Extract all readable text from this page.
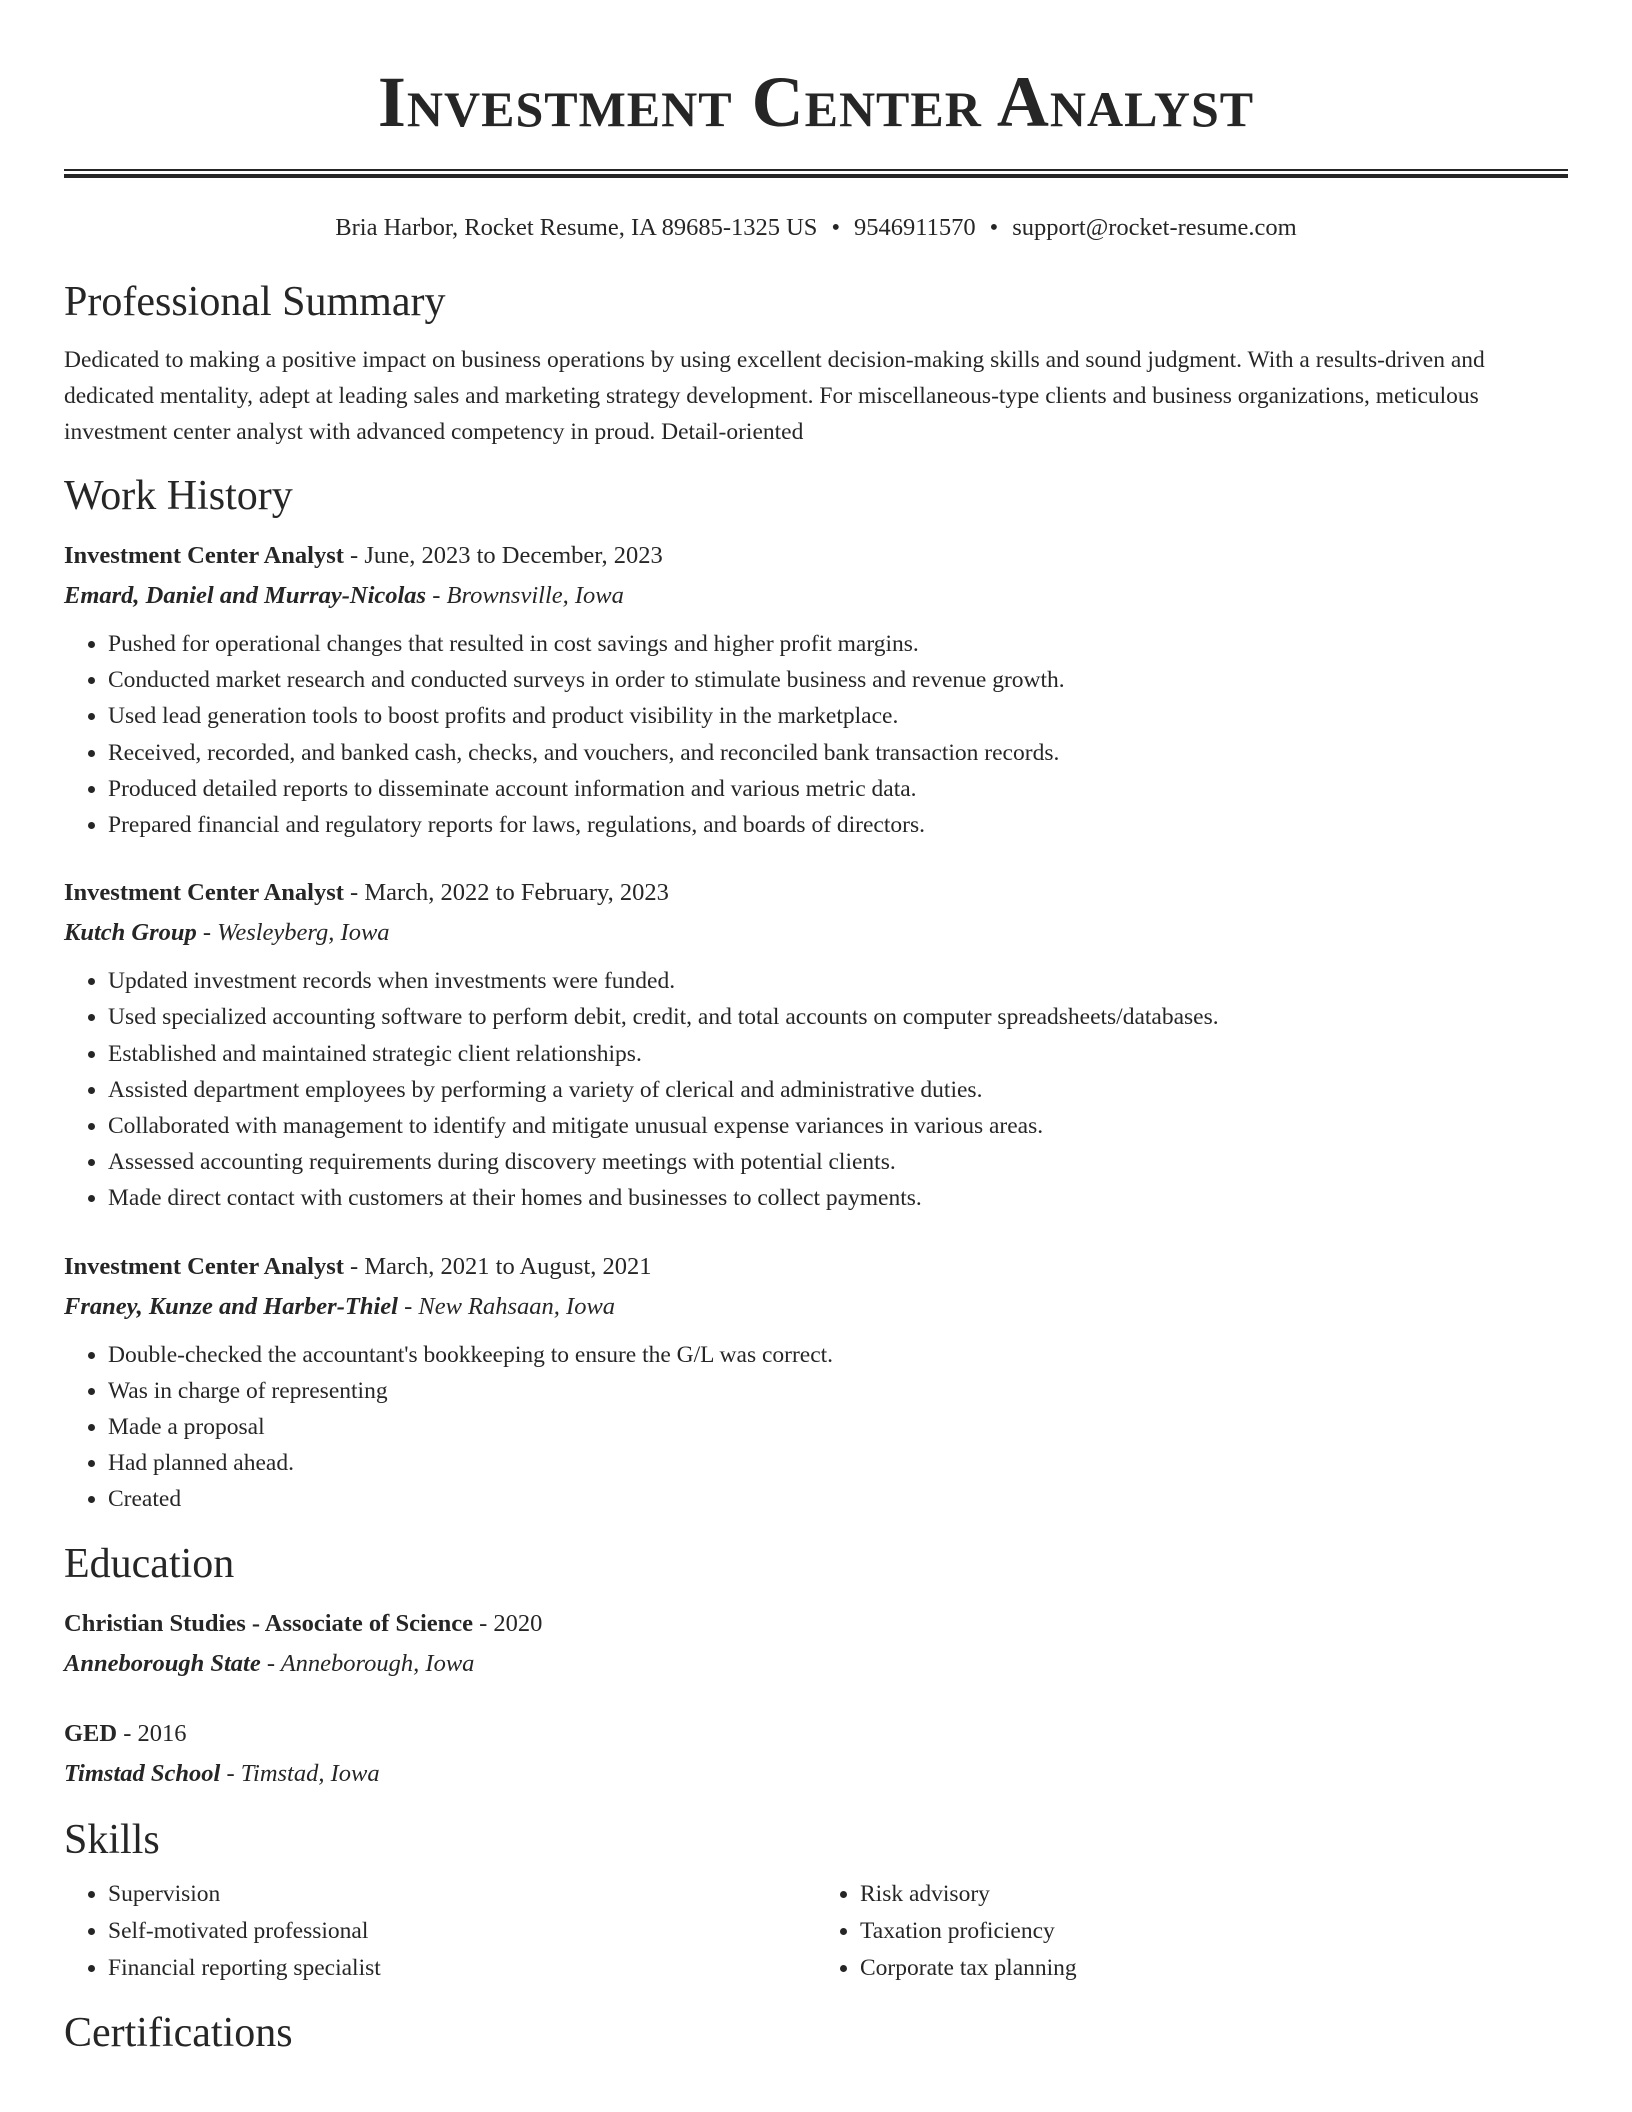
Investment Center Analyst
Bria Harbor, Rocket Resume, IA 89685-1325 US • 9546911570 • support@rocket-resume.com
Professional Summary
Dedicated to making a positive impact on business operations by using excellent decision-making skills and sound judgment. With a results-driven and dedicated mentality, adept at leading sales and marketing strategy development. For miscellaneous-type clients and business organizations, meticulous investment center analyst with advanced competency in proud. Detail-oriented
Work History
Investment Center Analyst - June, 2023 to December, 2023
Emard, Daniel and Murray-Nicolas - Brownsville, Iowa
• Pushed for operational changes that resulted in cost savings and higher profit margins.
• Conducted market research and conducted surveys in order to stimulate business and revenue growth.
• Used lead generation tools to boost profits and product visibility in the marketplace.
• Received, recorded, and banked cash, checks, and vouchers, and reconciled bank transaction records.
• Produced detailed reports to disseminate account information and various metric data.
• Prepared financial and regulatory reports for laws, regulations, and boards of directors.
Investment Center Analyst - March, 2022 to February, 2023
Kutch Group - Wesleyberg, Iowa
• Updated investment records when investments were funded.
• Used specialized accounting software to perform debit, credit, and total accounts on computer spreadsheets/databases.
• Established and maintained strategic client relationships.
• Assisted department employees by performing a variety of clerical and administrative duties.
• Collaborated with management to identify and mitigate unusual expense variances in various areas.
• Assessed accounting requirements during discovery meetings with potential clients.
• Made direct contact with customers at their homes and businesses to collect payments.
Investment Center Analyst - March, 2021 to August, 2021
Franey, Kunze and Harber-Thiel - New Rahsaan, Iowa
• Double-checked the accountant's bookkeeping to ensure the G/L was correct.
• Was in charge of representing
• Made a proposal
• Had planned ahead.
• Created
Education
Christian Studies - Associate of Science - 2020
Anneborough State - Anneborough, Iowa
GED - 2016
Timstad School - Timstad, Iowa
Skills
• Supervision
• Self-motivated professional
• Financial reporting specialist
• Risk advisory
• Taxation proficiency
• Corporate tax planning
Certifications
